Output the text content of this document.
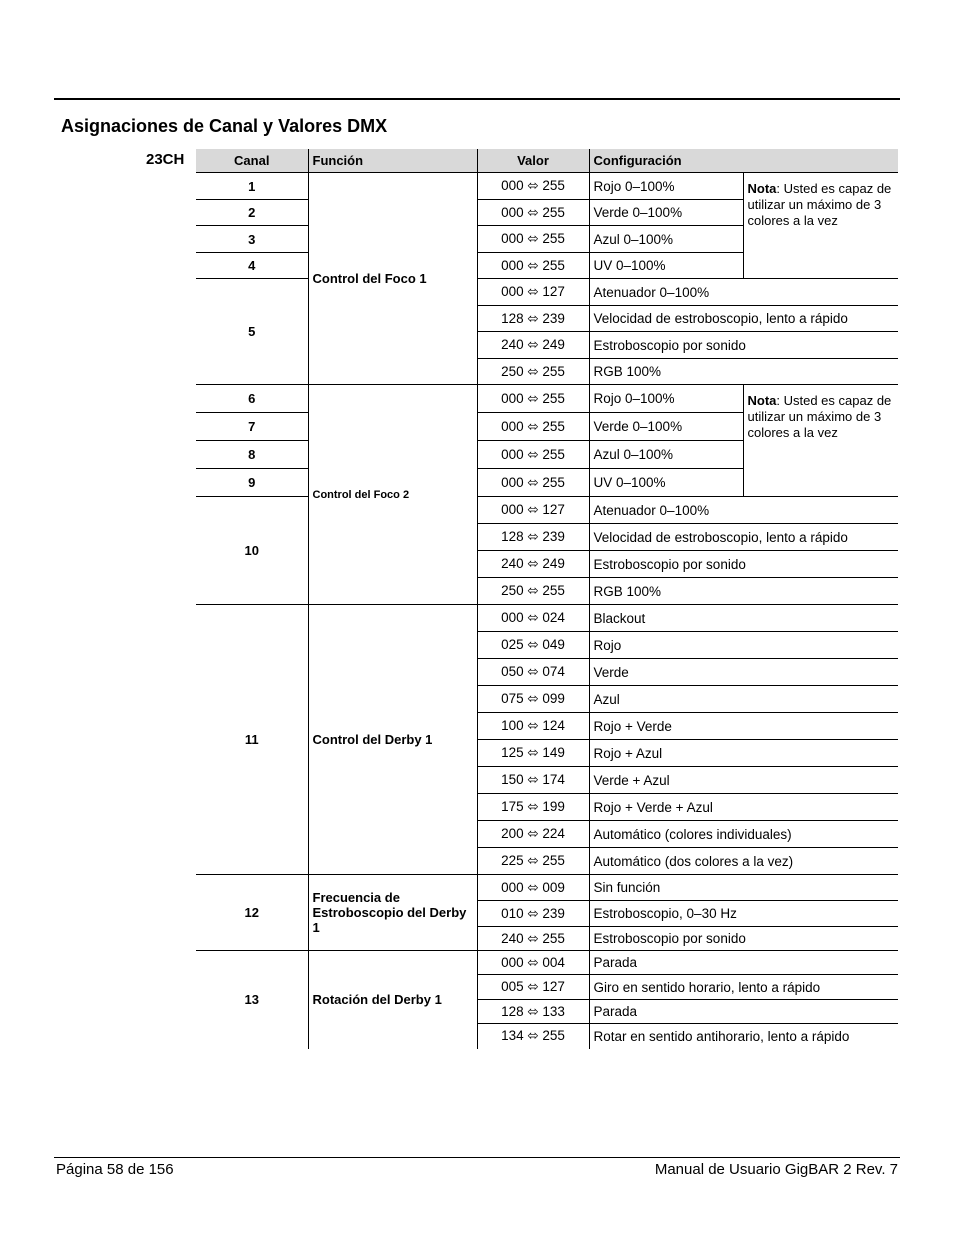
Asignaciones de Canal y Valores DMX
23CH	Canal	Función	Valor	Configuración	
1	Control del Foco 1	000 ⬄ 255	Rojo 0–100%	Nota: Usted es capaz de utilizar un máximo de 3 colores a la vez
2		000 ⬄ 255	Verde 0–100%	
3		000 ⬄ 255	Azul 0–100%	
4		000 ⬄ 255	UV 0–100%	
5		000 ⬄ 127	Atenuador 0–100%	
		128 ⬄ 239	Velocidad de estroboscopio, lento a rápido	
		240 ⬄ 249	Estroboscopio por sonido	
		250 ⬄ 255	RGB 100%	
6	Control del Foco 2	000 ⬄ 255	Rojo 0–100%	Nota: Usted es capaz de utilizar un máximo de 3 colores a la vez
7		000 ⬄ 255	Verde 0–100%	
8		000 ⬄ 255	Azul 0–100%	
9		000 ⬄ 255	UV 0–100%	
10		000 ⬄ 127	Atenuador 0–100%	
		128 ⬄ 239	Velocidad de estroboscopio, lento a rápido	
		240 ⬄ 249	Estroboscopio por sonido	
		250 ⬄ 255	RGB 100%	
11	Control del Derby 1	000 ⬄ 024	Blackout	
		025 ⬄ 049	Rojo	
		050 ⬄ 074	Verde	
		075 ⬄ 099	Azul	
		100 ⬄ 124	Rojo + Verde	
		125 ⬄ 149	Rojo + Azul	
		150 ⬄ 174	Verde + Azul	
		175 ⬄ 199	Rojo + Verde + Azul	
		200 ⬄ 224	Automático (colores individuales)	
		225 ⬄ 255	Automático (dos colores a la vez)	
12	Frecuencia de Estroboscopio del Derby 1	000 ⬄ 009	Sin función	
		010 ⬄ 239	Estroboscopio, 0–30 Hz	
		240 ⬄ 255	Estroboscopio por sonido	
13	Rotación del Derby 1	000 ⬄ 004	Parada	
		005 ⬄ 127	Giro en sentido horario, lento a rápido	
		128 ⬄ 133	Parada	
		134 ⬄ 255	Rotar en sentido antihorario, lento a rápido	
Página 58 de 156	Manual de Usuario GigBAR 2 Rev. 7
